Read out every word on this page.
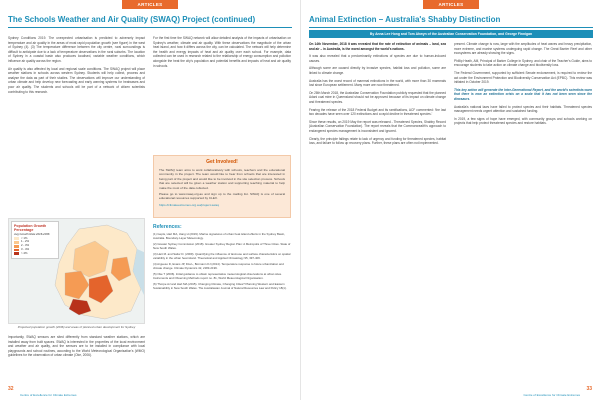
ARTICLES
The Schools Weather and Air Quality (SWAQ) Project (continued)

Sydney Conditions 2019. The unexpected urbanisation is predicted to adversely impact temperature and air quality in the areas of most rapid population growth (see figure) in the west of Sydney (4). (3) The temperature difference between the city centre, rural surroundings is difficult to anticipate due to a lack of temperature observations in the rural suburbs. The location of Sydney in a coastal basin also produces localised, variable weather conditions, which influence air quality across the region.

Air quality is also affected by local and regional scale conditions. The SWAQ project will place weather stations in schools across western Sydney. Students will help collect, process and analyse the data as part of their studies. The observations will improve our understanding of urban climate and help develop new forecasting and early warning systems for heatwaves and poor air quality. The students and schools will be part of a network of citizen scientists contributing to this research.

Population Growth Percentage
Avg Growth Rate 2016-2036
< 1%
1 - 2%
2 - 3%
3 - 4%
> 4%
Projected population growth (2036) and areas of planned urban development for Sydney

Importantly, SWAQ sensors are sited differently from standard weather stations, which are installed away from built spaces. SWAQ is interested in the properties of the local environment and weather and air quality, and the sensors are to be installed in compliance with local playgrounds and school routines, according to the World Meteorological Organisation's (WMO) guidelines for the observation of urban climate (Oke, 2006).

For the first time the SWAQ network will allow detailed analysis of the impacts of urbanisation on Sydney's weather, climate and air quality. With these observations the magnitude of the urban heat island, and how it differs across the city, can be calculated. The network will help determine the health and energy impacts of heat and air quality over each school. For example, data collected can be used in research related to the relationship of energy consumption and pollution alongside the heat the city's population and potential benefits and impacts of heat and air quality in schools.

Get Involved!
The SWAQ team aims to work collaboratively with schools, teachers and the educational community in the project. The team would like to hear from schools that are interested in being part of the project and would like to be involved in the site selection process. Schools that are selected will be given a weather station and supporting teaching material to help make the most of the data collected.
Please go to www.swaq.org.au and sign up to the mailing list. SWAQ is one of several educational resources supported by CLEX.
https://climateextremes.org.au/project-swaq
References:
(1) Gepts, Hart MA, Jiang H (2019). Marine signatures of urban heat island effects in the Sydney Basin, Australia. Boundary-Layer Meteorology.
(2) Greater Sydney Commission (2018). Greater Sydney Region Plan: A Metropolis of Three Cities. State of New South Wales.
(3) Hart M. and Sailor D. (2009). Quantifying the influence of land-use and surface characteristics on spatial variability in the urban heat island. Theoretical and Applied Climatology 95, 397-406.
(4) Argueso D, Evans JP, Fita L, Bormann KJ (2014). Temperature response to future urbanization and climate change. Climate Dynamics 42, 2183-2199.
(5) Oke T (2006). Initial guidance to obtain representative meteorological observations at urban sites. Instruments and Observing Methods report no. 81, World Meteorological Organisation.
(6) Thorpe AJ and Hart MA (2015). Changing Climate, Changing Cities? Planning Western and Eastern Sustainability in New South Wales. The Australasian Journal of Natural Resources Law and Policy 18(1).
32
Centre of Excellence for Climate Extremes
ARTICLES
Animal Extinction – Australia's Shabby Distinction
By Anna Lee Hong and Tom Ahwyn of the Australian Conservation Foundation, and George Finnigan

On 14th November, 2018 it was revealed that the rate of extinction of animals – land, sea and air – in Australia, is the worst amongst the world's nations.

It was also revealed that a predominantly extinctions of species are due to human-induced causes.

Although some are caused directly by invasive species, habitat loss and pollution, some are linked to climate change.

Australia has the worst record of mammal extinctions in the world, with more than 30 mammals lost since European settlement. Many more are now threatened.

On 28th March 2018, the Australian Conservation Foundation publicly requested that the planned Adani coal mine in Queensland should not be approved because of its impact on climate change and threatened species.

Fearing the release of the 2018 Federal Budget and its ramifications, ACF commented: 'the last two decades have seen over 120 extinctions and a rapid decline in threatened species.'

Since these results, on 2019 May the report was released - Threatened Species, Shabby Record (Australian Conservation Foundation). The report reveals that the Commonwealth's approach to endangered species management is inconsistent and ignored.

Clearly, the principle failings relate to lack of urgency and funding for threatened species, habitat loss, and failure to follow up recovery plans. Further, these plans are often not implemented.

present. Climate change is now, large with the amplitudes of heat waves and heavy precipitation, more extreme, and marine systems undergoing rapid change. The Great Barrier Reef and other ecosystems are already showing the signs.

Phillip Heath, AM, Principal of Barker College in Sydney, and chair of the Teacher's Guide, aims to encourage students to take action on climate change and biodiversity loss.

The Federal Government, supported by sufficient Senate endorsement, is required to review the act under the Environment Protection and Biodiversity Conservation Act (EPBC). This review was initiated in October 2019.

This key action will generate the Inter-Generational Report, and the world's scientists warn that there is now an extinction crisis on a scale that it has not been seen since the dinosaurs.

Australia's national laws have failed to protect species and their habitats. Threatened species management needs urgent attention and sustained funding.

In 2019, a few signs of hope have emerged, with community groups and schools working on projects that help protect threatened species and restore habitats.

33
Centre of Excellence for Climate Extremes
